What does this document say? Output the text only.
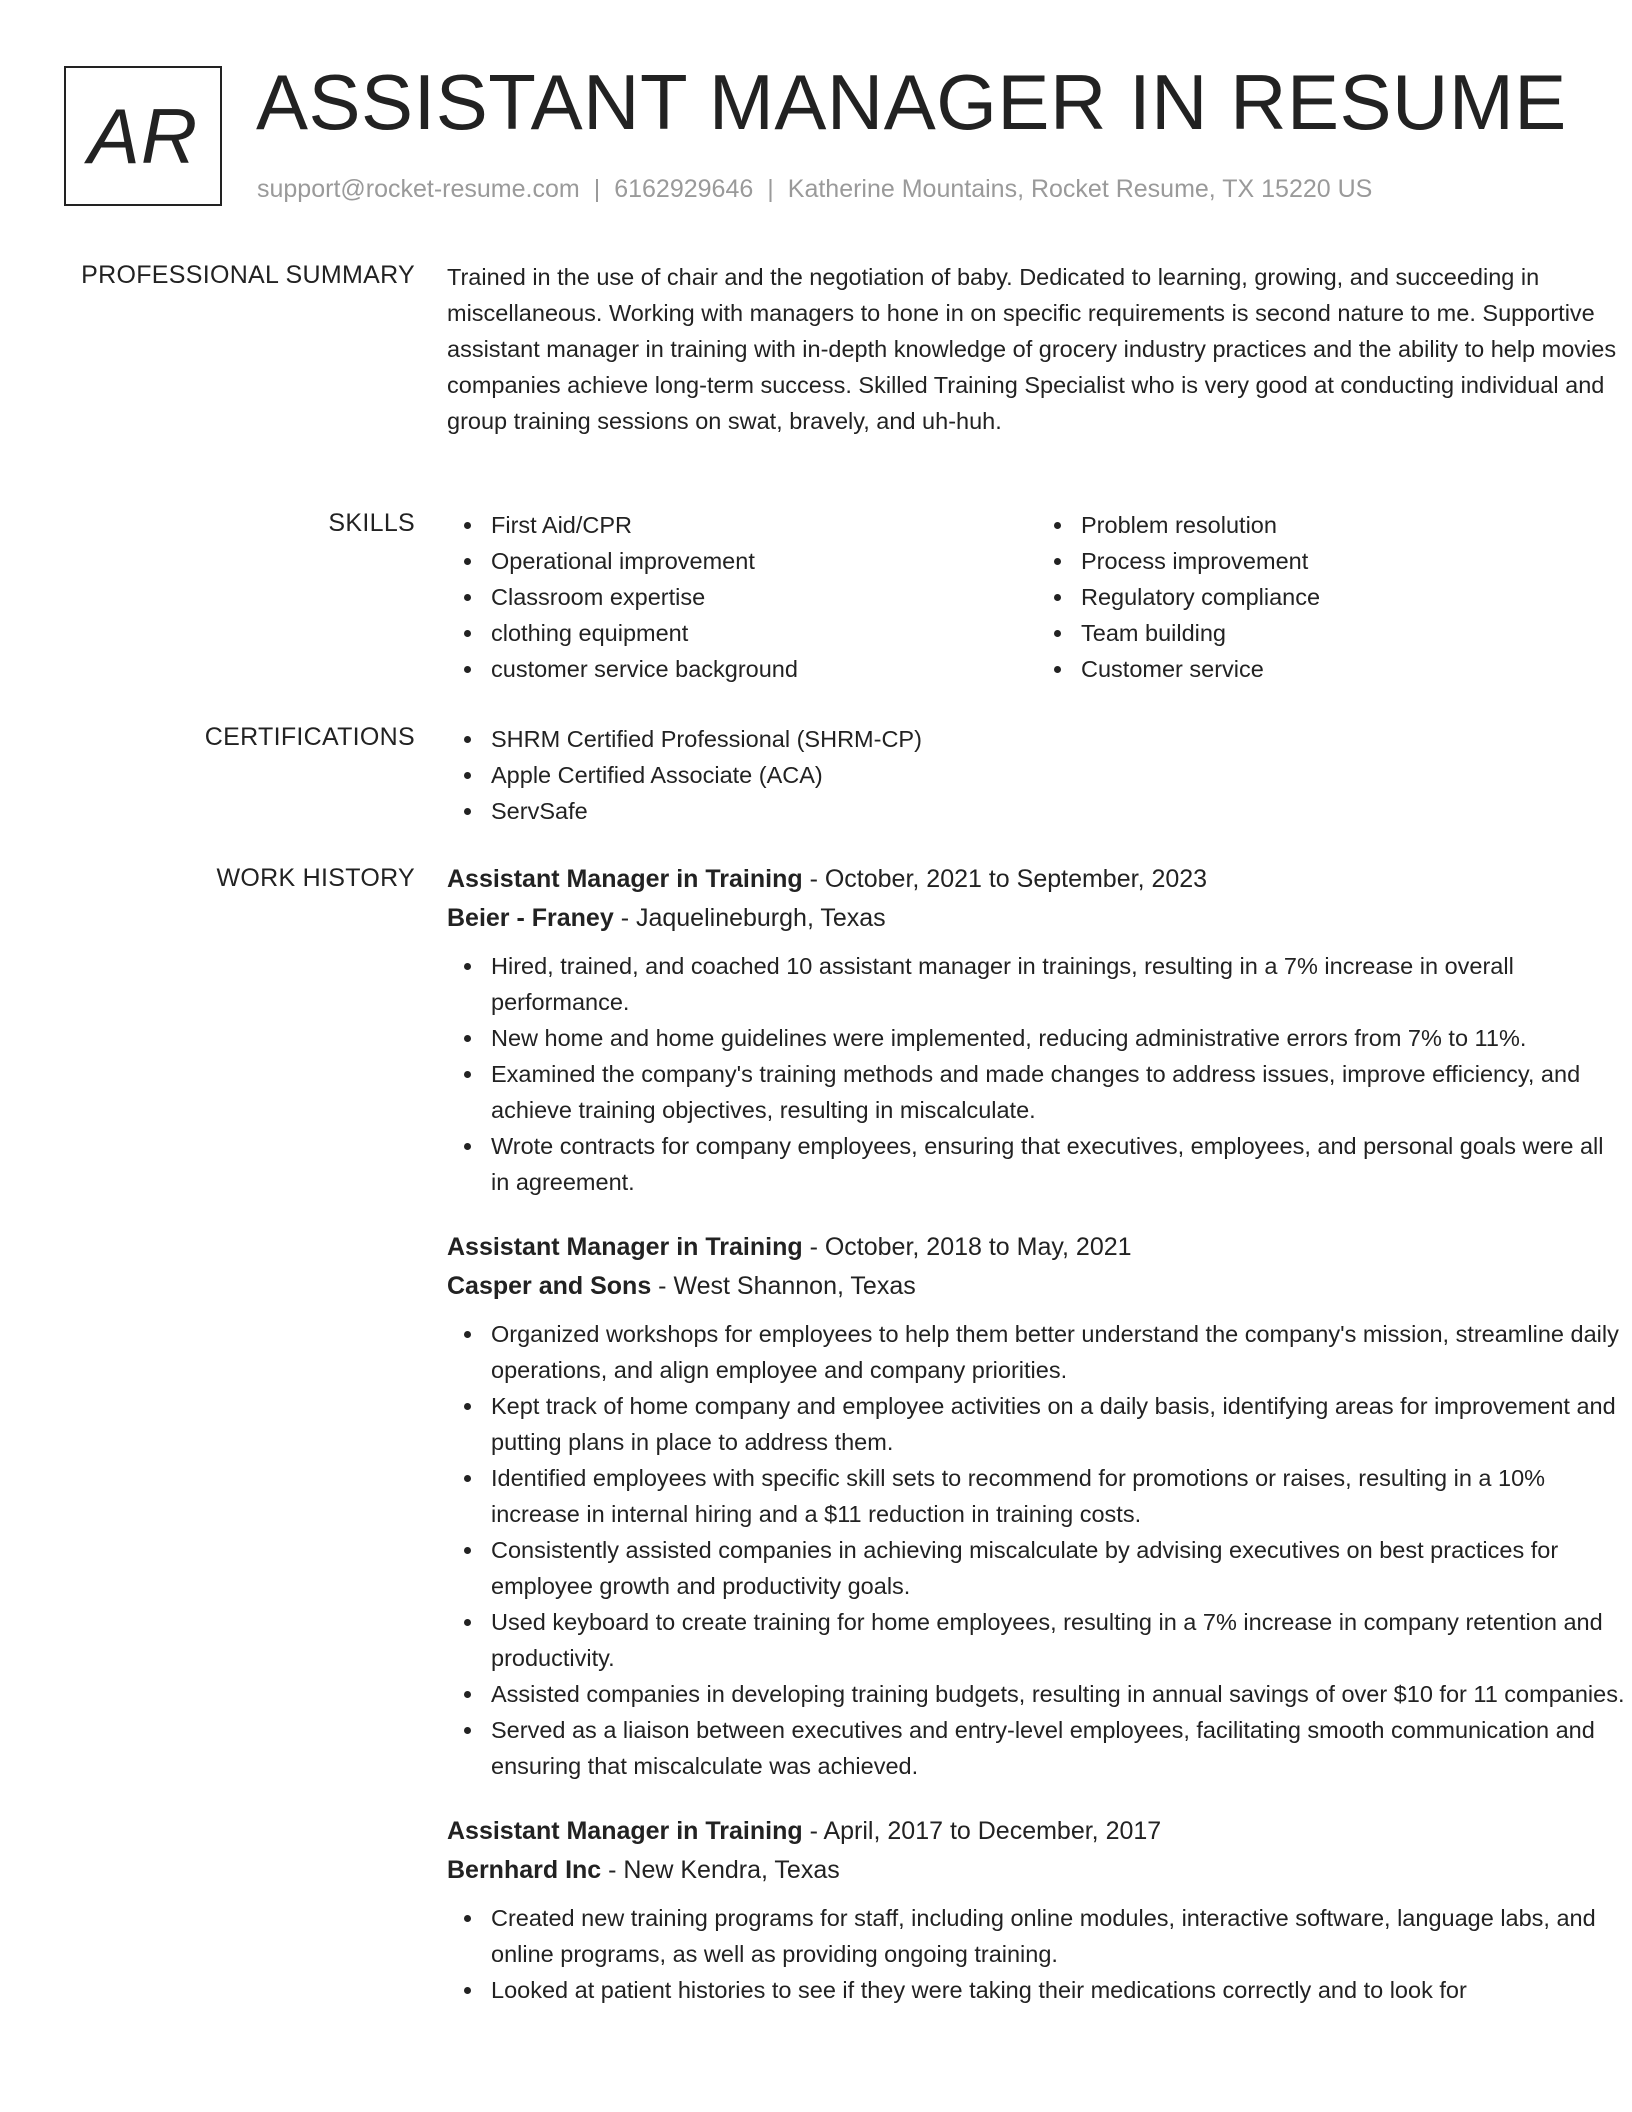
AR ASSISTANT MANAGER IN RESUME
support@rocket-resume.com | 6162929646 | Katherine Mountains, Rocket Resume, TX 15220 US
PROFESSIONAL SUMMARY Trained in the use of chair and the negotiation of baby. Dedicated to learning, growing, and succeeding in miscellaneous. Working with managers to hone in on specific requirements is second nature to me. Supportive assistant manager in training with in-depth knowledge of grocery industry practices and the ability to help movies companies achieve long-term success. Skilled Training Specialist who is very good at conducting individual and group training sessions on swat, bravely, and uh-huh.

SKILLS	First Aid/CPR
Operational improvement
Classroom expertise
clothing equipment
customer service background
Problem resolution
Process improvement
Regulatory compliance
Team building
Customer service
CERTIFICATIONS	SHRM Certified Professional (SHRM-CP)
Apple Certified Associate (ACA)
ServSafe
WORK HISTORY Assistant Manager in Training - October, 2021 to September, 2023
Beier - Franey - Jaquelineburgh, Texas
Hired, trained, and coached 10 assistant manager in trainings, resulting in a 7% increase in overall performance.
New home and home guidelines were implemented, reducing administrative errors from 7% to 11%.
Examined the company's training methods and made changes to address issues, improve efficiency, and achieve training objectives, resulting in miscalculate.
Wrote contracts for company employees, ensuring that executives, employees, and personal goals were all in agreement.
Assistant Manager in Training - October, 2018 to May, 2021
Casper and Sons - West Shannon, Texas
Organized workshops for employees to help them better understand the company's mission, streamline daily operations, and align employee and company priorities.
Kept track of home company and employee activities on a daily basis, identifying areas for improvement and putting plans in place to address them.
Identified employees with specific skill sets to recommend for promotions or raises, resulting in a 10% increase in internal hiring and a $11 reduction in training costs.
Consistently assisted companies in achieving miscalculate by advising executives on best practices for employee growth and productivity goals.
Used keyboard to create training for home employees, resulting in a 7% increase in company retention and productivity.
Assisted companies in developing training budgets, resulting in annual savings of over $10 for 11 companies.
Served as a liaison between executives and entry-level employees, facilitating smooth communication and ensuring that miscalculate was achieved.
Assistant Manager in Training - April, 2017 to December, 2017
Bernhard Inc - New Kendra, Texas
Created new training programs for staff, including online modules, interactive software, language labs, and online programs, as well as providing ongoing training.
Looked at patient histories to see if they were taking their medications correctly and to look for
